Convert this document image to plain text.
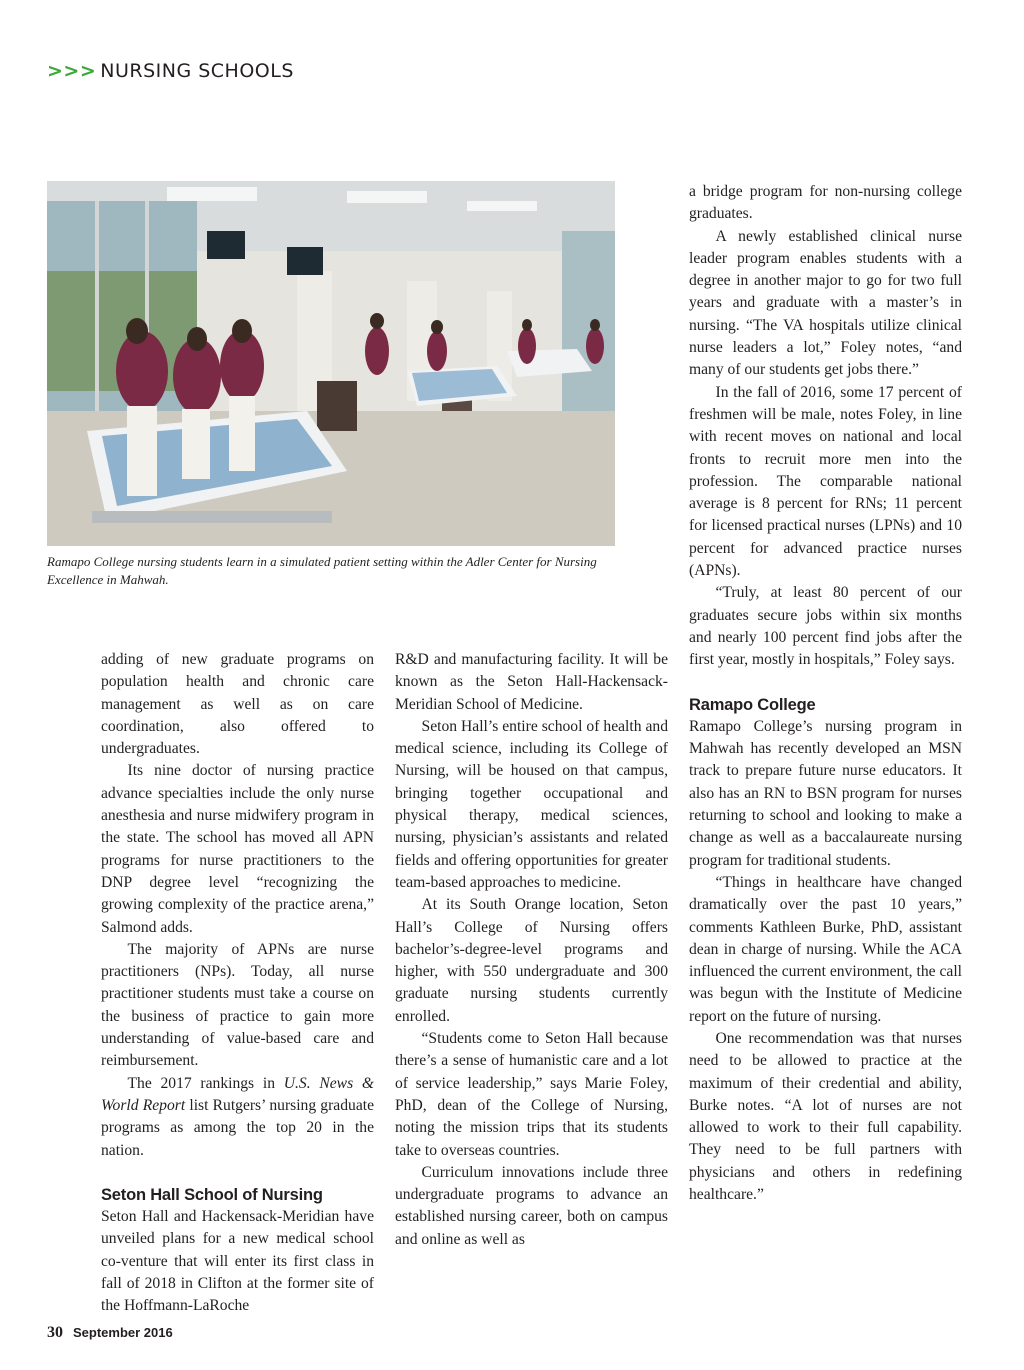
>>> NURSING SCHOOLS
Ramapo College nursing students learn in a simulated patient setting within the Adler Center for Nursing Excellence in Mahwah.

adding of new graduate programs on population health and chronic care management as well as on care coordination, also offered to undergraduates.

Its nine doctor of nursing practice advance specialties include the only nurse anesthesia and nurse midwifery program in the state. The school has moved all APN programs for nurse practitioners to the DNP degree level “recognizing the growing complexity of the practice arena,” Salmond adds.

The majority of APNs are nurse practitioners (NPs). Today, all nurse practitioner students must take a course on the business of practice to gain more understanding of value-based care and reimbursement.

The 2017 rankings in U.S. News & World Report list Rutgers’ nursing graduate programs as among the top 20 in the nation.

Seton Hall School of Nursing

Seton Hall and Hackensack-Meridian have unveiled plans for a new medical school co-venture that will enter its first class in fall of 2018 in Clifton at the former site of the Hoffmann-LaRoche

R&D and manufacturing facility. It will be known as the Seton Hall-Hackensack-Meridian School of Medicine.

Seton Hall’s entire school of health and medical science, including its College of Nursing, will be housed on that campus, bringing together occupational and physical therapy, medical sciences, nursing, physician’s assistants and related fields and offering opportunities for greater team-based approaches to medicine.

At its South Orange location, Seton Hall’s College of Nursing offers bachelor’s-degree-level programs and higher, with 550 undergraduate and 300 graduate nursing students currently enrolled.

“Students come to Seton Hall because there’s a sense of humanistic care and a lot of service leadership,” says Marie Foley, PhD, dean of the College of Nursing, noting the mission trips that its students take to overseas countries.

Curriculum innovations include three undergraduate programs to advance an established nursing career, both on campus and online as well as

a bridge program for non-nursing college graduates.

A newly established clinical nurse leader program enables students with a degree in another major to go for two full years and graduate with a master’s in nursing. “The VA hospitals utilize clinical nurse leaders a lot,” Foley notes, “and many of our students get jobs there.”

In the fall of 2016, some 17 percent of freshmen will be male, notes Foley, in line with recent moves on national and local fronts to recruit more men into the profession. The comparable national average is 8 percent for RNs; 11 percent for licensed practical nurses (LPNs) and 10 percent for advanced practice nurses (APNs).

“Truly, at least 80 percent of our graduates secure jobs within six months and nearly 100 percent find jobs after the first year, mostly in hospitals,” Foley says.

Ramapo College

Ramapo College’s nursing program in Mahwah has recently developed an MSN track to prepare future nurse educators. It also has an RN to BSN program for nurses returning to school and looking to make a change as well as a baccalaureate nursing program for traditional students.

“Things in healthcare have changed dramatically over the past 10 years,” comments Kathleen Burke, PhD, assistant dean in charge of nursing. While the ACA influenced the current environment, the call was begun with the Institute of Medicine report on the future of nursing.

One recommendation was that nurses need to be allowed to practice at the maximum of their credential and ability, Burke notes. “A lot of nurses are not allowed to work to their full capability. They need to be full partners with physicians and others in redefining healthcare.”

30 September 2016
